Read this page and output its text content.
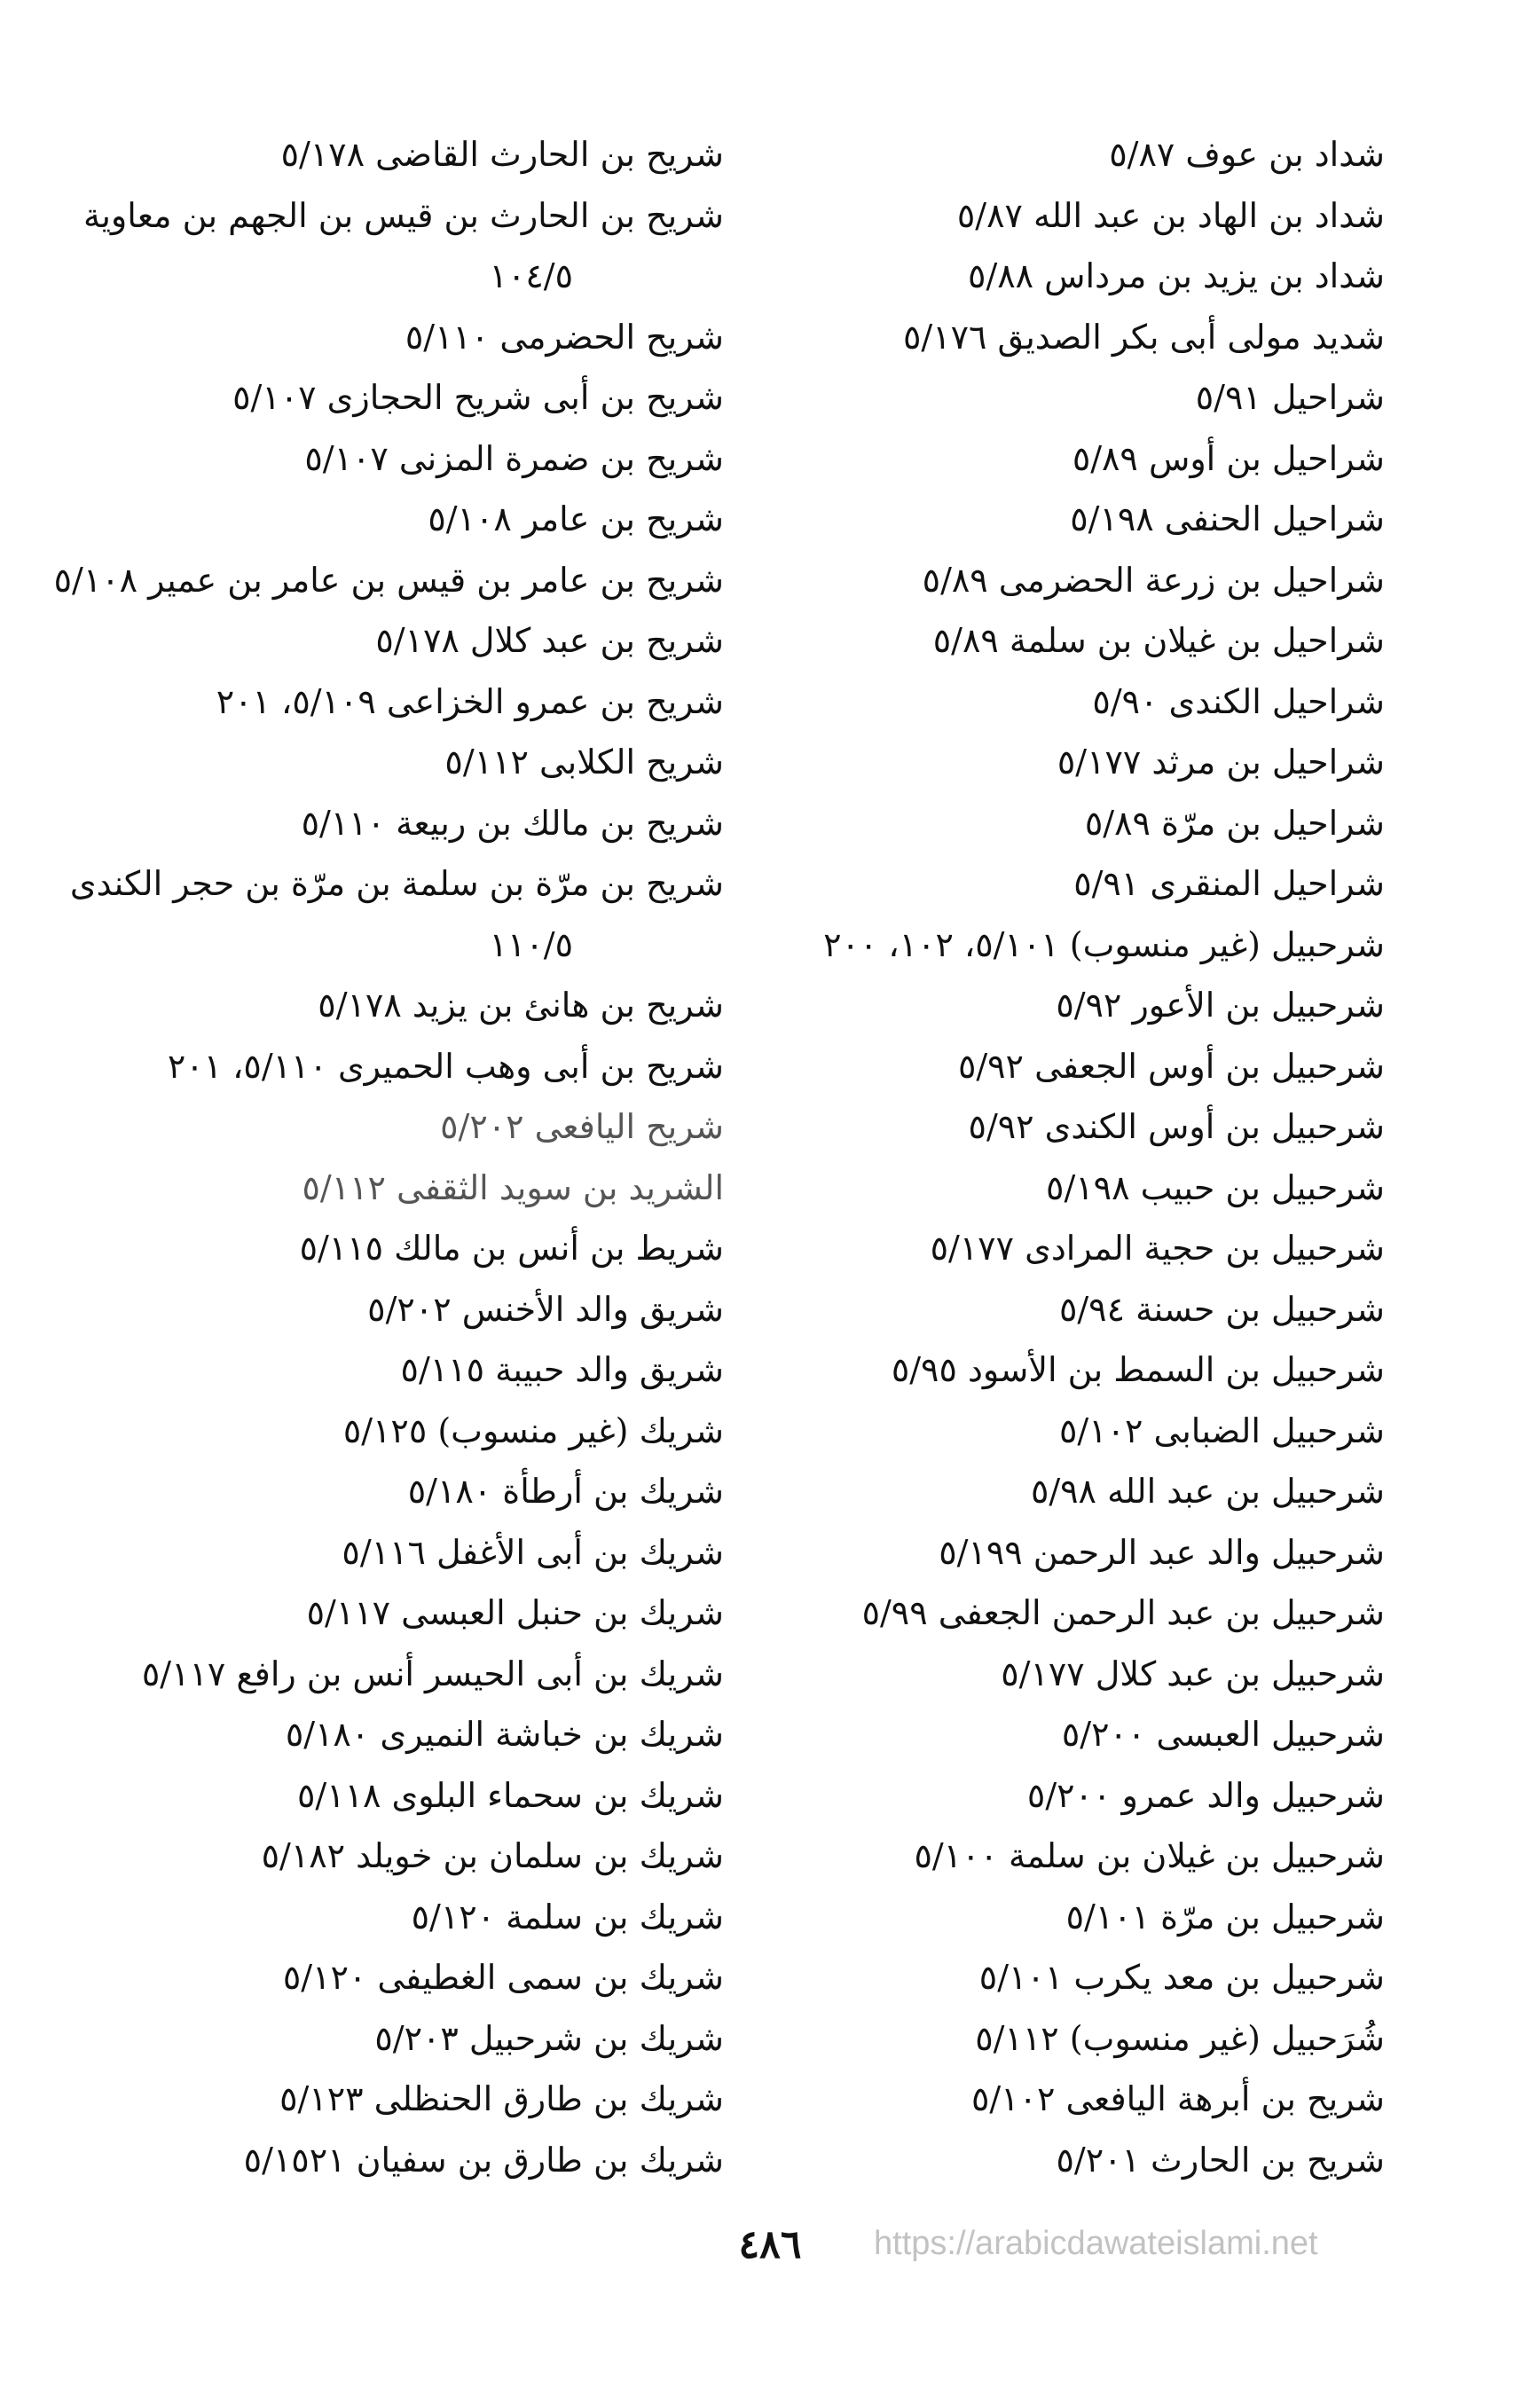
شداد بن عوف ٥/٨٧
شداد بن الهاد بن عبد الله ٥/٨٧
شداد بن يزيد بن مرداس ٥/٨٨
شديد مولى أبى بكر الصديق ٥/١٧٦
شراحيل ٥/٩١
شراحيل بن أوس ٥/٨٩
شراحيل الحنفى ٥/١٩٨
شراحيل بن زرعة الحضرمى ٥/٨٩
شراحيل بن غيلان بن سلمة ٥/٨٩
شراحيل الكندى ٥/٩٠
شراحيل بن مرثد ٥/١٧٧
شراحيل بن مرّة ٥/٨٩
شراحيل المنقرى ٥/٩١
شرحبيل (غير منسوب) ٥/١٠١، ١٠٢، ٢٠٠
شرحبيل بن الأعور ٥/٩٢
شرحبيل بن أوس الجعفى ٥/٩٢
شرحبيل بن أوس الكندى ٥/٩٢
شرحبيل بن حبيب ٥/١٩٨
شرحبيل بن حجية المرادى ٥/١٧٧
شرحبيل بن حسنة ٥/٩٤
شرحبيل بن السمط بن الأسود ٥/٩٥
شرحبيل الضبابى ٥/١٠٢
شرحبيل بن عبد الله ٥/٩٨
شرحبيل والد عبد الرحمن ٥/١٩٩
شرحبيل بن عبد الرحمن الجعفى ٥/٩٩
شرحبيل بن عبد كلال ٥/١٧٧
شرحبيل العبسى ٥/٢٠٠
شرحبيل والد عمرو ٥/٢٠٠
شرحبيل بن غيلان بن سلمة ٥/١٠٠
شرحبيل بن مرّة ٥/١٠١
شرحبيل بن معد يكرب ٥/١٠١
شُرَحبيل (غير منسوب) ٥/١١٢
شريح بن أبرهة اليافعى ٥/١٠٢
شريح بن الحارث ٥/٢٠١
شريح بن الحارث القاضى ٥/١٧٨
شريح بن الحارث بن قيس بن الجهم بن معاوية
١٠٤/٥
شريح الحضرمى ٥/١١٠
شريح بن أبى شريح الحجازى ٥/١٠٧
شريح بن ضمرة المزنى ٥/١٠٧
شريح بن عامر ٥/١٠٨
شريح بن عامر بن قيس بن عامر بن عمير ٥/١٠٨
شريح بن عبد كلال ٥/١٧٨
شريح بن عمرو الخزاعى ٥/١٠٩، ٢٠١
شريح الكلابى ٥/١١٢
شريح بن مالك بن ربيعة ٥/١١٠
شريح بن مرّة بن سلمة بن مرّة بن حجر الكندى
١١٠/٥
شريح بن هانئ بن يزيد ٥/١٧٨
شريح بن أبى وهب الحميرى ٥/١١٠، ٢٠١
شريح اليافعى ٥/٢٠٢
الشريد بن سويد الثقفى ٥/١١٢
شريط بن أنس بن مالك ٥/١١٥
شريق والد الأخنس ٥/٢٠٢
شريق والد حبيبة ٥/١١٥
شريك (غير منسوب) ٥/١٢٥
شريك بن أرطأة ٥/١٨٠
شريك بن أبى الأغفل ٥/١١٦
شريك بن حنبل العبسى ٥/١١٧
شريك بن أبى الحيسر أنس بن رافع ٥/١١٧
شريك بن خباشة النميرى ٥/١٨٠
شريك بن سحماء البلوى ٥/١١٨
شريك بن سلمان بن خويلد ٥/١٨٢
شريك بن سلمة ٥/١٢٠
شريك بن سمى الغطيفى ٥/١٢٠
شريك بن شرحبيل ٥/٢٠٣
شريك بن طارق الحنظلى ٥/١٢٣
شريك بن طارق بن سفيان ٥/١٥٢١
٤٨٦	https://arabicdawateislami.net
